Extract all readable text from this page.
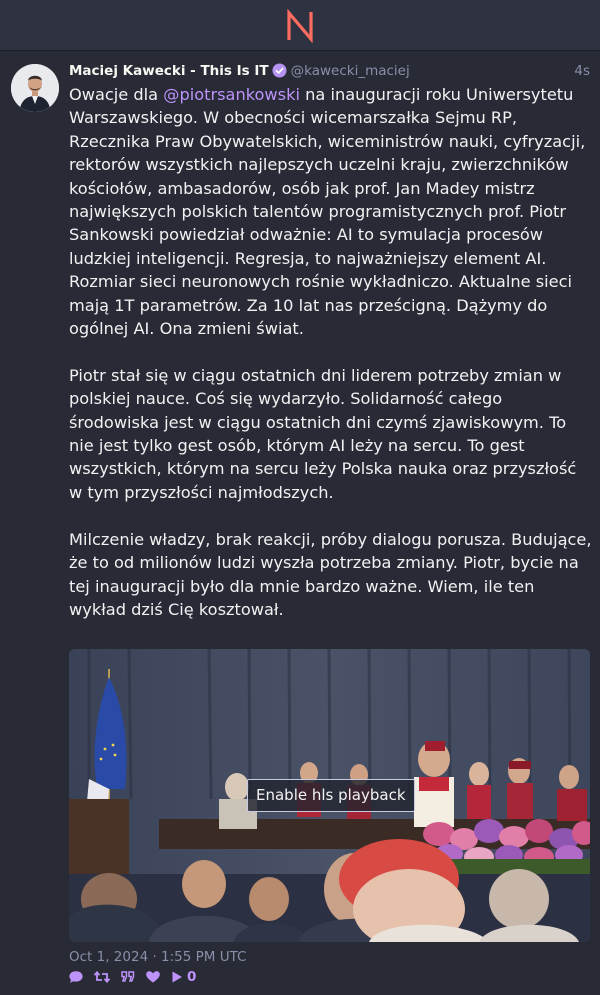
Maciej Kawecki - This Is IT @kawecki_maciej	4s

Owacje dla @piotrsankowski na inauguracji roku Uniwersytetu Warszawskiego. W obecności wicemarszałka Sejmu RP, Rzecznika Praw Obywatelskich, wiceministrów nauki, cyfryzacji, rektorów wszystkich najlepszych uczelni kraju, zwierzchników kościołów, ambasadorów, osób jak prof. Jan Madey mistrz największych polskich talentów programistycznych prof. Piotr Sankowski powiedział odważnie: AI to symulacja procesów ludzkiej inteligencji. Regresja, to najważniejszy element AI. Rozmiar sieci neuronowych rośnie wykładniczo. Aktualne sieci mają 1T parametrów. Za 10 lat nas prześcigną. Dążymy do ogólnej AI. Ona zmieni świat.

Piotr stał się w ciągu ostatnich dni liderem potrzeby zmian w polskiej nauce. Coś się wydarzyło. Solidarność całego środowiska jest w ciągu ostatnich dni czymś zjawiskowym. To nie jest tylko gest osób, którym AI leży na sercu. To gest wszystkich, którym na sercu leży Polska nauka oraz przyszłość w tym przyszłości najmłodszych.

Milczenie władzy, brak reakcji, próby dialogu porusza. Budujące, że to od milionów ludzi wyszła potrzeba zmiany. Piotr, bycie na tej inauguracji było dla mnie bardzo ważne. Wiem, ile ten wykład dziś Cię kosztował.

Enable hls playback
Oct 1, 2024 · 1:55 PM UTC
0
